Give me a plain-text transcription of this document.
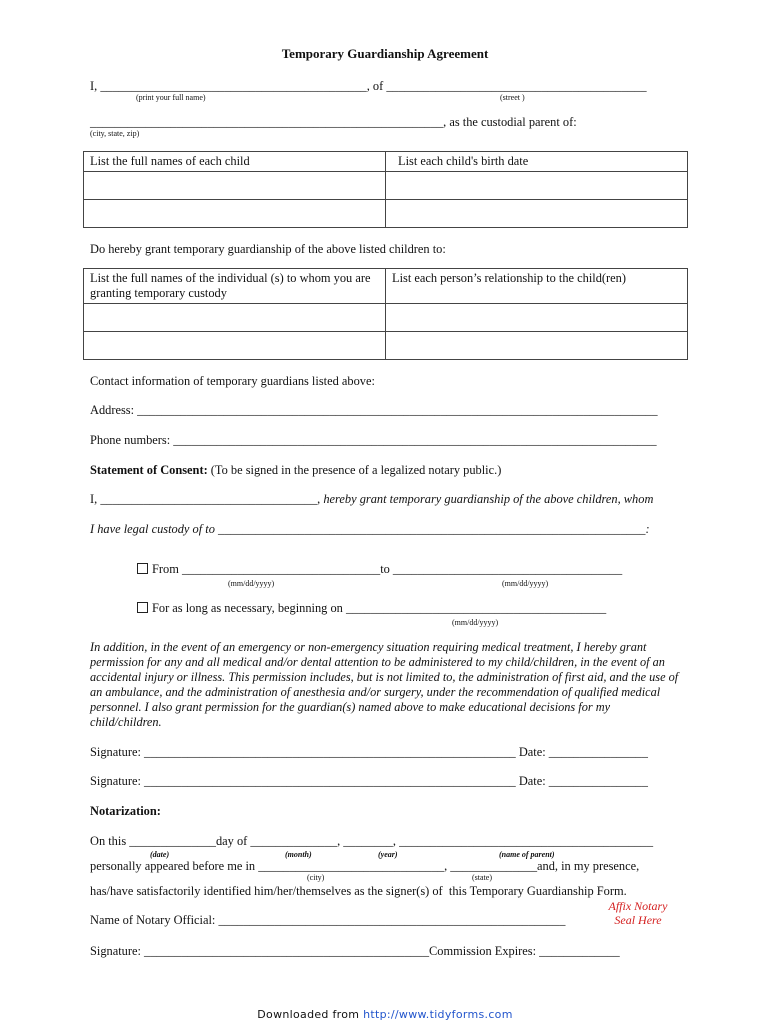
Temporary Guardianship Agreement
I, ___________________________________________, of __________________________________________
(print your full name)	(street )
_________________________________________________________, as the custodial parent of:
(city, state, zip)
List the full names of each child	List each child's birth date

Do hereby grant temporary guardianship of the above listed children to:
List the full names of the individual (s) to whom you are granting temporary custody	List each person’s relationship to the child(ren)

Contact information of temporary guardians listed above:
Address: ____________________________________________________________________________________
Phone numbers: ______________________________________________________________________________
Statement of Consent: (To be signed in the presence of a legalized notary public.)
I, ___________________________________, hereby grant temporary guardianship of the above children, whom
I have legal custody of to _____________________________________________________________________:
From ________________________________to _____________________________________
(mm/dd/yyyy)	(mm/dd/yyyy)
For as long as necessary, beginning on __________________________________________
(mm/dd/yyyy)
In addition, in the event of an emergency or non-emergency situation requiring medical treatment, I hereby grant permission for any and all medical and/or dental attention to be administered to my child/children, in the event of an accidental injury or illness. This permission includes, but is not limited to, the administration of first aid, and the use of an ambulance, and the administration of anesthesia and/or surgery, under the recommendation of qualified medical personnel. I also grant permission for the guardian(s) named above to make educational decisions for my child/children.
Signature: ____________________________________________________________ Date: ________________
Signature: ____________________________________________________________ Date: ________________
Notarization:
On this ______________day of ______________, ________, _________________________________________
(date)	(month)	(year)	(name of parent)
personally appeared before me in ______________________________, ______________and, in my presence,
(city)	(state)
has/have satisfactorily identified him/her/themselves as the signer(s) of  this Temporary Guardianship Form.
Affix Notary
Seal Here
Name of Notary Official: ________________________________________________________
Signature: ______________________________________________Commission Expires: _____________
Downloaded from http://www.tidyforms.com
